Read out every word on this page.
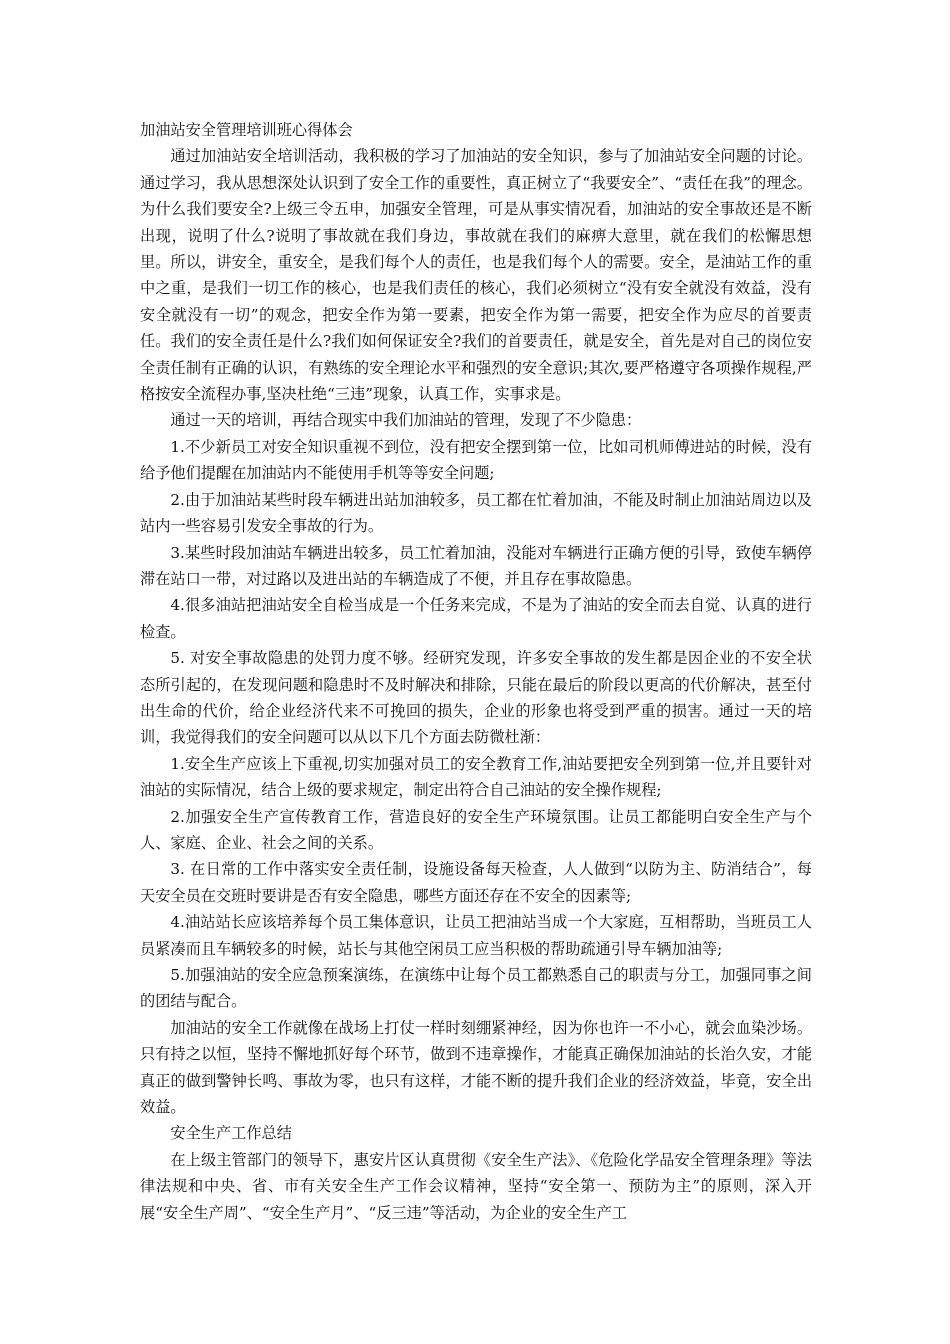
加油站安全管理培训班心得体会

通过加油站安全培训活动，我积极的学习了加油站的安全知识，参与了加油站安全问题的讨论。通过学习，我从思想深处认识到了安全工作的重要性，真正树立了“我要安全”、“责任在我”的理念。为什么我们要安全?上级三令五申，加强安全管理，可是从事实情况看，加油站的安全事故还是不断出现，说明了什么?说明了事故就在我们身边，事故就在我们的麻痹大意里，就在我们的松懈思想里。所以，讲安全，重安全，是我们每个人的责任，也是我们每个人的需要。安全，是油站工作的重中之重，是我们一切工作的核心，也是我们责任的核心，我们必须树立“没有安全就没有效益，没有安全就没有一切”的观念，把安全作为第一要素，把安全作为第一需要，把安全作为应尽的首要责任。我们的安全责任是什么?我们如何保证安全?我们的首要责任，就是安全，首先是对自己的岗位安全责任制有正确的认识，有熟练的安全理论水平和强烈的安全意识;其次,要严格遵守各项操作规程,严格按安全流程办事,坚决杜绝“三违”现象，认真工作，实事求是。

通过一天的培训，再结合现实中我们加油站的管理，发现了不少隐患：

1.不少新员工对安全知识重视不到位，没有把安全摆到第一位，比如司机师傅进站的时候，没有给予他们提醒在加油站内不能使用手机等等安全问题;

2.由于加油站某些时段车辆进出站加油较多，员工都在忙着加油，不能及时制止加油站周边以及站内一些容易引发安全事故的行为。

3.某些时段加油站车辆进出较多，员工忙着加油，没能对车辆进行正确方便的引导，致使车辆停滞在站口一带，对过路以及进出站的车辆造成了不便，并且存在事故隐患。

4.很多油站把油站安全自检当成是一个任务来完成，不是为了油站的安全而去自觉、认真的进行检查。

5. 对安全事故隐患的处罚力度不够。经研究发现，许多安全事故的发生都是因企业的不安全状态所引起的，在发现问题和隐患时不及时解决和排除，只能在最后的阶段以更高的代价解决，甚至付出生命的代价，给企业经济代来不可挽回的损失，企业的形象也将受到严重的损害。通过一天的培训，我觉得我们的安全问题可以从以下几个方面去防微杜渐：

1.安全生产应该上下重视,切实加强对员工的安全教育工作,油站要把安全列到第一位,并且要针对油站的实际情况，结合上级的要求规定，制定出符合自己油站的安全操作规程;

2.加强安全生产宣传教育工作，营造良好的安全生产环境氛围。让员工都能明白安全生产与个人、家庭、企业、社会之间的关系。

3. 在日常的工作中落实安全责任制，设施设备每天检查，人人做到“以防为主、防消结合”，每天安全员在交班时要讲是否有安全隐患，哪些方面还存在不安全的因素等;

4.油站站长应该培养每个员工集体意识，让员工把油站当成一个大家庭，互相帮助，当班员工人员紧凑而且车辆较多的时候，站长与其他空闲员工应当积极的帮助疏通引导车辆加油等;

5.加强油站的安全应急预案演练，在演练中让每个员工都熟悉自己的职责与分工，加强同事之间的团结与配合。

加油站的安全工作就像在战场上打仗一样时刻绷紧神经，因为你也许一不小心，就会血染沙场。只有持之以恒，坚持不懈地抓好每个环节，做到不违章操作，才能真正确保加油站的长治久安，才能真正的做到警钟长鸣、事故为零，也只有这样，才能不断的提升我们企业的经济效益，毕竟，安全出效益。

安全生产工作总结

在上级主管部门的领导下，惠安片区认真贯彻《安全生产法》、《危险化学品安全管理条理》等法律法规和中央、省、市有关安全生产工作会议精神，坚持“安全第一、预防为主”的原则，深入开展“安全生产周”、“安全生产月”、“反三违”等活动，为企业的安全生产工
